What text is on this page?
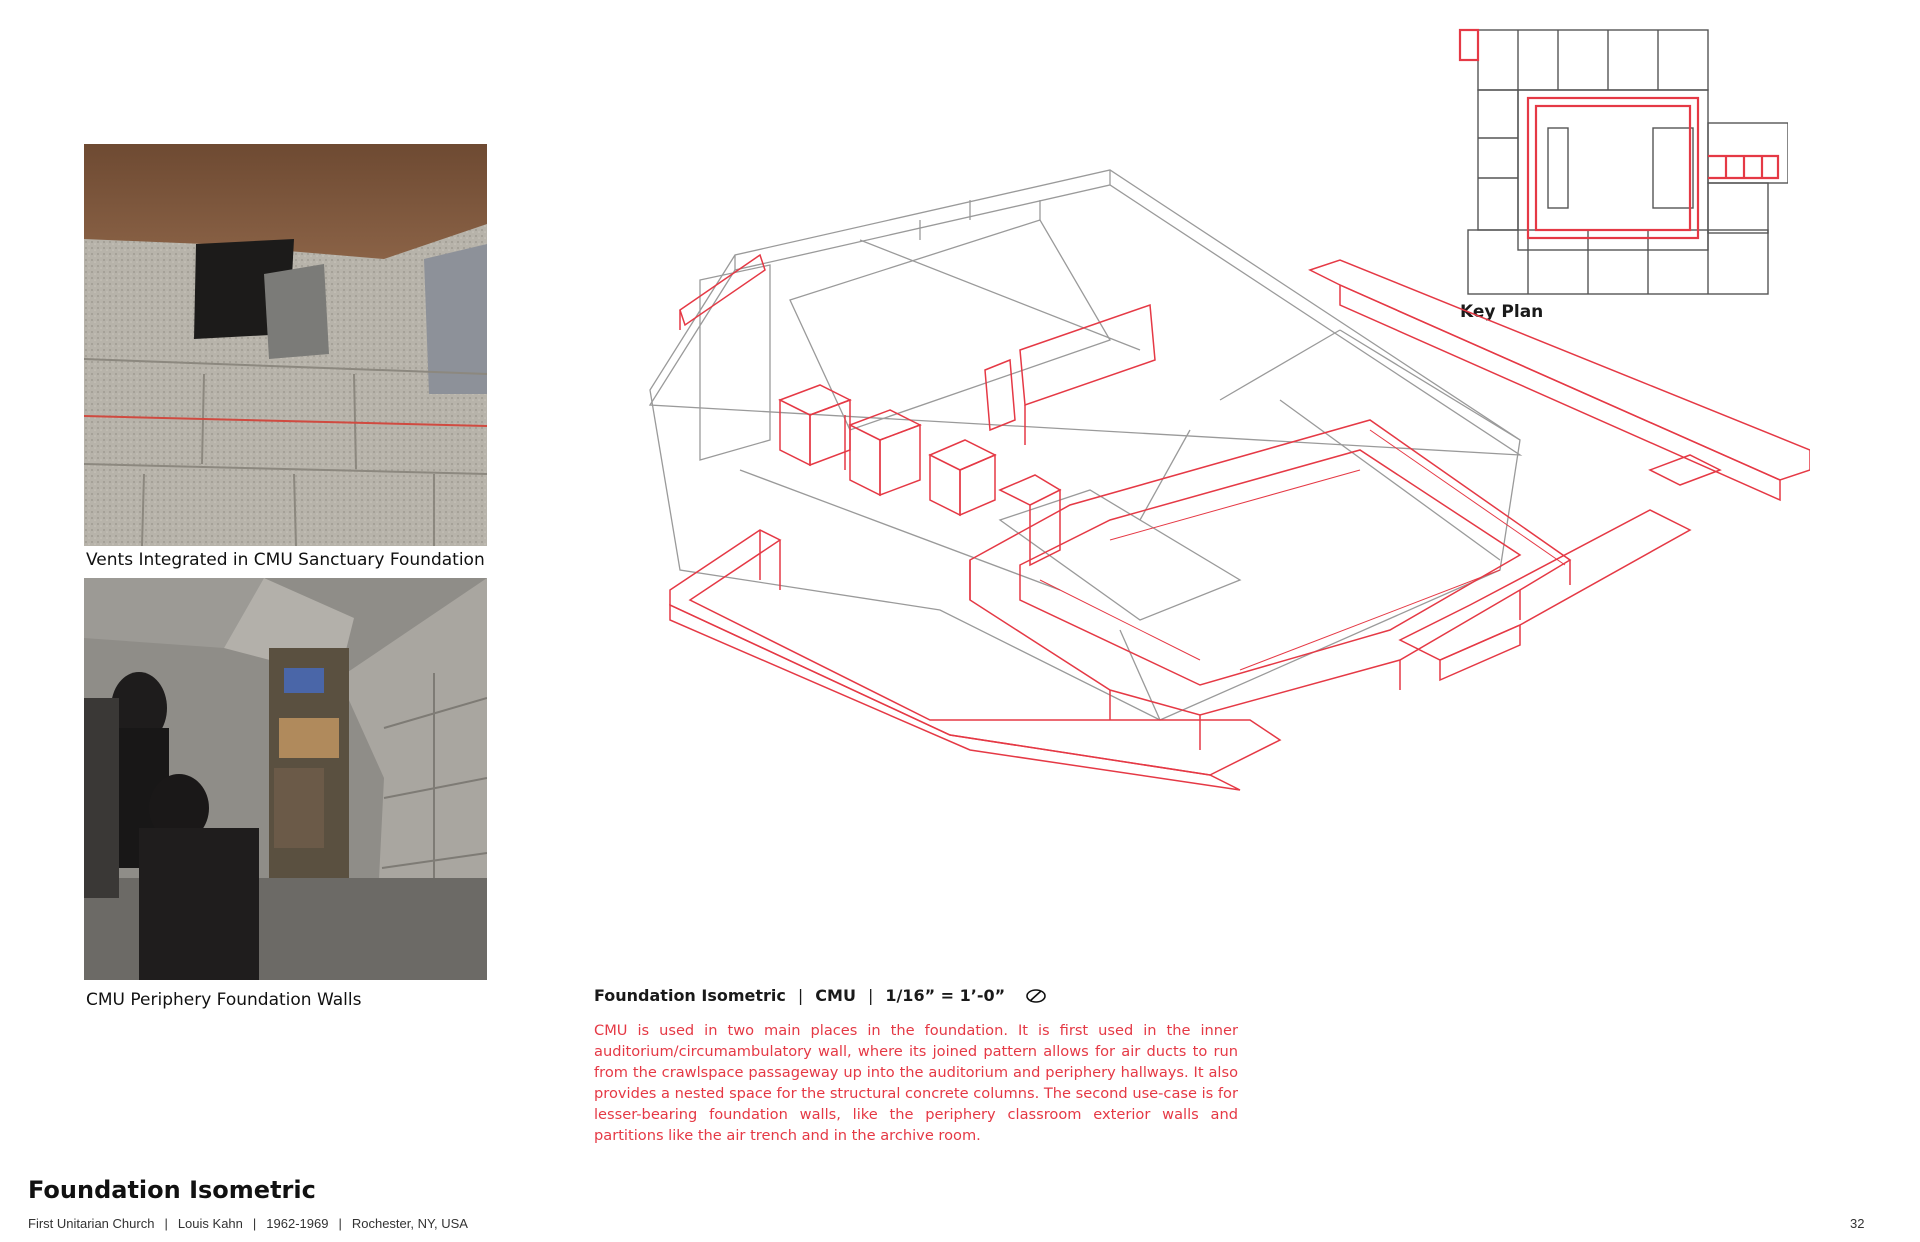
Vents Integrated in CMU Sanctuary Foundation
CMU Periphery Foundation Walls
Key Plan
Foundation Isometric | CMU | 1/16” = 1’-0”
CMU is used in two main places in the foundation. It is first used in the inner auditorium/circumambulatory wall, where its joined pattern allows for air ducts to run from the crawlspace passageway up into the auditorium and periphery hallways. It also provides a nested space for the structural concrete columns. The second use-case is for lesser-bearing foundation walls, like the periphery classroom exterior walls and partitions like the air trench and in the archive room.
Foundation Isometric
First Unitarian Church | Louis Kahn | 1962-1969 | Rochester, NY, USA	32
